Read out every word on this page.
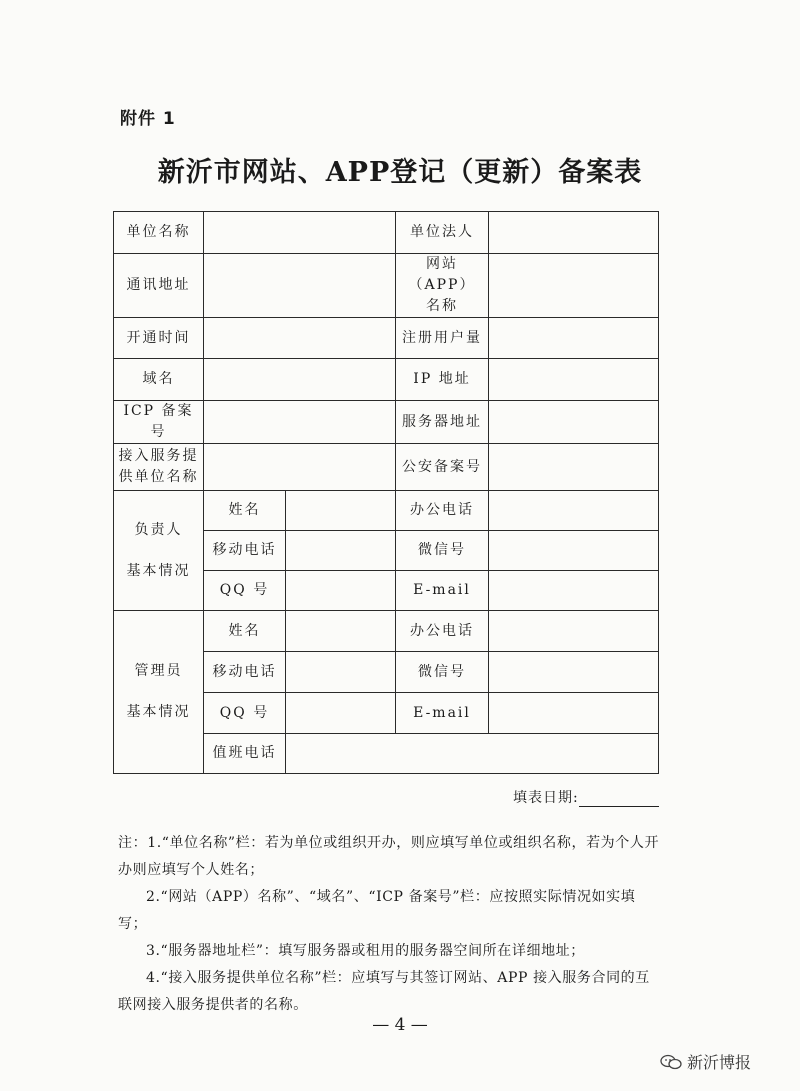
附件 1
新沂市网站、APP登记（更新）备案表
单位名称			单位法人	
通讯地址			网站（APP）
名称	

开通时间			注册用户量	
域名			IP 地址	
ICP 备案号			服务器地址	

接入服务提
供单位名称			公安备案号	

负责人
基本情况	姓名		办公电话	
	移动电话		微信号	
	QQ 号		E-mail	

管理员
基本情况	姓名		办公电话	
	移动电话		微信号	
	QQ 号		E-mail	
	值班电话			
填表日期:

注：1.“单位名称”栏：若为单位或组织开办，则应填写单位或组织名称，若为个人开办则应填写个人姓名；

2.“网站（APP）名称”、“域名”、“ICP 备案号”栏：应按照实际情况如实填写；

3.“服务器地址栏”：填写服务器或租用的服务器空间所在详细地址；

4.“接入服务提供单位名称”栏：应填写与其签订网站、APP 接入服务合同的互联网接入服务提供者的名称。

— 4 —
新沂博报
